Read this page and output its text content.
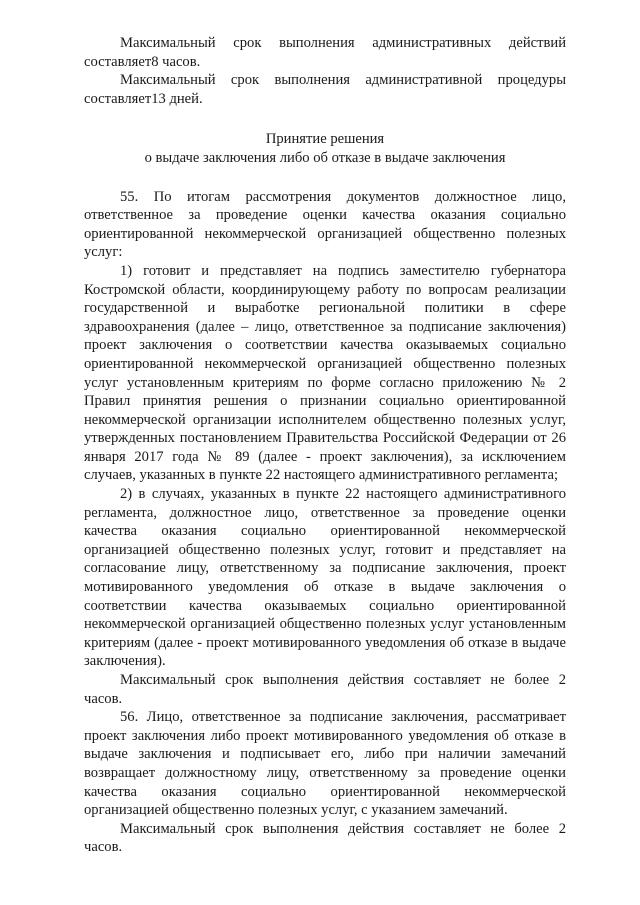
Максимальный срок выполнения административных действий составляет8 часов.

Максимальный срок выполнения административной процедуры составляет13 дней.

Принятие решения
о выдаче заключения либо об отказе в выдаче заключения

55. По итогам рассмотрения документов должностное лицо, ответственное за проведение оценки качества оказания социально ориентированной некоммерческой организацией общественно полезных услуг:

1) готовит и представляет на подпись заместителю губернатора Костромской области, координирующему работу по вопросам реализации государственной и выработке региональной политики в сфере здравоохранения (далее – лицо, ответственное за подписание заключения) проект заключения о соответствии качества оказываемых социально ориентированной некоммерческой организацией общественно полезных услуг установленным критериям по форме согласно приложению № 2 Правил принятия решения о признании социально ориентированной некоммерческой организации исполнителем общественно полезных услуг, утвержденных постановлением Правительства Российской Федерации от 26 января 2017 года № 89 (далее - проект заключения), за исключением случаев, указанных в пункте 22 настоящего административного регламента;

2) в случаях, указанных в пункте 22 настоящего административного регламента, должностное лицо, ответственное за проведение оценки качества оказания социально ориентированной некоммерческой организацией общественно полезных услуг, готовит и представляет на согласование лицу, ответственному за подписание заключения, проект мотивированного уведомления об отказе в выдаче заключения о соответствии качества оказываемых социально ориентированной некоммерческой организацией общественно полезных услуг установленным критериям (далее - проект мотивированного уведомления об отказе в выдаче заключения).

Максимальный срок выполнения действия составляет не более 2 часов.

56. Лицо, ответственное за подписание заключения, рассматривает проект заключения либо проект мотивированного уведомления об отказе в выдаче заключения и подписывает его, либо при наличии замечаний возвращает должностному лицу, ответственному за проведение оценки качества оказания социально ориентированной некоммерческой организацией общественно полезных услуг, с указанием замечаний.

Максимальный срок выполнения действия составляет не более 2 часов.
